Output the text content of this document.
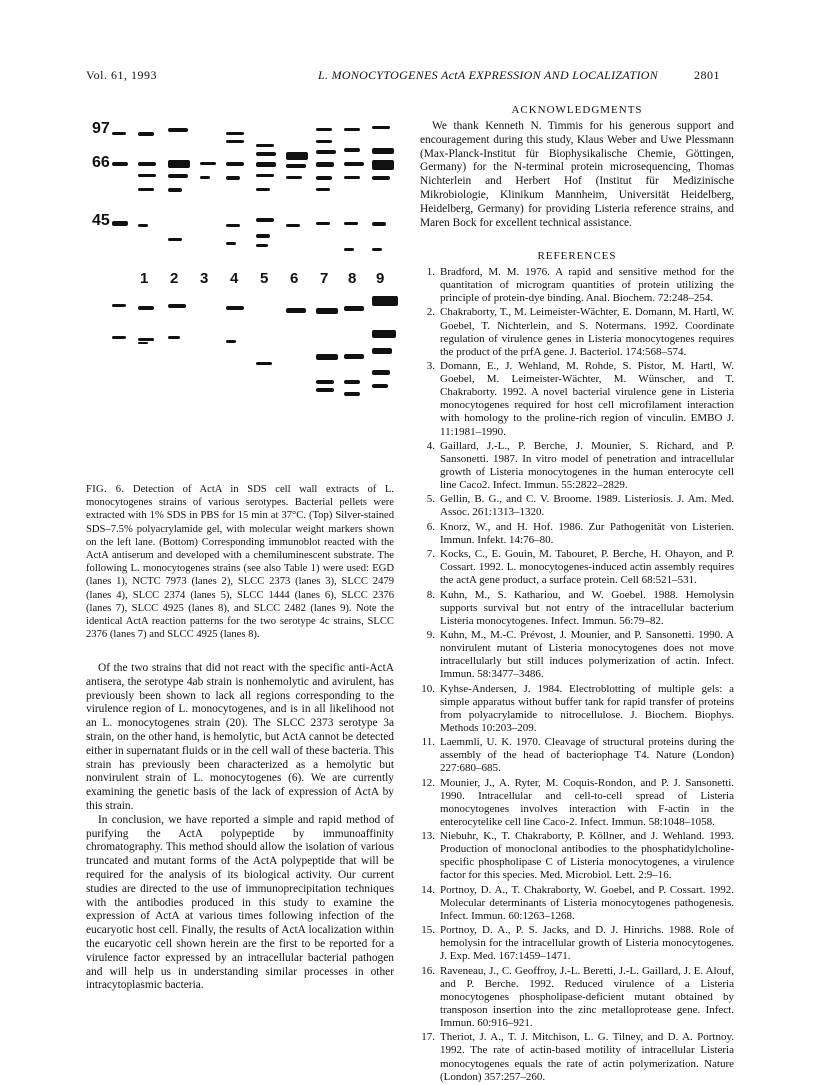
Vol. 61, 1993	L. MONOCYTOGENES ActA EXPRESSION AND LOCALIZATION	2801
97
66
45
1 2 3 4 5 6 7 8 9
FIG. 6. Detection of ActA in SDS cell wall extracts of L. monocytogenes strains of various serotypes. Bacterial pellets were extracted with 1% SDS in PBS for 15 min at 37°C. (Top) Silver-stained SDS–7.5% polyacrylamide gel, with molecular weight markers shown on the left lane. (Bottom) Corresponding immunoblot reacted with the ActA antiserum and developed with a chemiluminescent substrate. The following L. monocytogenes strains (see also Table 1) were used: EGD (lanes 1), NCTC 7973 (lanes 2), SLCC 2373 (lanes 3), SLCC 2479 (lanes 4), SLCC 2374 (lanes 5), SLCC 1444 (lanes 6), SLCC 2376 (lanes 7), SLCC 4925 (lanes 8), and SLCC 2482 (lanes 9). Note the identical ActA reaction patterns for the two serotype 4c strains, SLCC 2376 (lanes 7) and SLCC 4925 (lanes 8).

Of the two strains that did not react with the specific anti-ActA antisera, the serotype 4ab strain is nonhemolytic and avirulent, has previously been shown to lack all regions corresponding to the virulence region of L. monocytogenes, and is in all likelihood not an L. monocytogenes strain (20). The SLCC 2373 serotype 3a strain, on the other hand, is hemolytic, but ActA cannot be detected either in supernatant fluids or in the cell wall of these bacteria. This strain has previously been characterized as a hemolytic but nonvirulent strain of L. monocytogenes (6). We are currently examining the genetic basis of the lack of expression of ActA by this strain.

In conclusion, we have reported a simple and rapid method of purifying the ActA polypeptide by immunoaffinity chromatography. This method should allow the isolation of various truncated and mutant forms of the ActA polypeptide that will be required for the analysis of its biological activity. Our current studies are directed to the use of immunoprecipitation techniques with the antibodies produced in this study to examine the expression of ActA at various times following infection of the eucaryotic host cell. Finally, the results of ActA localization within the eucaryotic cell shown herein are the first to be reported for a virulence factor expressed by an intracellular bacterial pathogen and will help us in understanding similar processes in other intracytoplasmic bacteria.

ACKNOWLEDGMENTS

We thank Kenneth N. Timmis for his generous support and encouragement during this study, Klaus Weber and Uwe Plessmann (Max-Planck-Institut für Biophysikalische Chemie, Göttingen, Germany) for the N-terminal protein microsequencing, Thomas Nichterlein and Herbert Hof (Institut für Medizinische Mikrobiologie, Klinikum Mannheim, Universität Heidelberg, Heidelberg, Germany) for providing Listeria reference strains, and Maren Bock for excellent technical assistance.

REFERENCES

1. Bradford, M. M. 1976. A rapid and sensitive method for the quantitation of microgram quantities of protein utilizing the principle of protein-dye binding. Anal. Biochem. 72:248–254.
2. Chakraborty, T., M. Leimeister-Wächter, E. Domann, M. Hartl, W. Goebel, T. Nichterlein, and S. Notermans. 1992. Coordinate regulation of virulence genes in Listeria monocytogenes requires the product of the prfA gene. J. Bacteriol. 174:568–574.
3. Domann, E., J. Wehland, M. Rohde, S. Pistor, M. Hartl, W. Goebel, M. Leimeister-Wächter, M. Wünscher, and T. Chakraborty. 1992. A novel bacterial virulence gene in Listeria monocytogenes required for host cell microfilament interaction with homology to the proline-rich region of vinculin. EMBO J. 11:1981–1990.
4. Gaillard, J.-L., P. Berche, J. Mounier, S. Richard, and P. Sansonetti. 1987. In vitro model of penetration and intracellular growth of Listeria monocytogenes in the human enterocyte cell line Caco2. Infect. Immun. 55:2822–2829.
5. Gellin, B. G., and C. V. Broome. 1989. Listeriosis. J. Am. Med. Assoc. 261:1313–1320.
6. Knorz, W., and H. Hof. 1986. Zur Pathogenität von Listerien. Immun. Infekt. 14:76–80.
7. Kocks, C., E. Gouin, M. Tabouret, P. Berche, H. Ohayon, and P. Cossart. 1992. L. monocytogenes-induced actin assembly requires the actA gene product, a surface protein. Cell 68:521–531.
8. Kuhn, M., S. Kathariou, and W. Goebel. 1988. Hemolysin supports survival but not entry of the intracellular bacterium Listeria monocytogenes. Infect. Immun. 56:79–82.
9. Kuhn, M., M.-C. Prévost, J. Mounier, and P. Sansonetti. 1990. A nonvirulent mutant of Listeria monocytogenes does not move intracellularly but still induces polymerization of actin. Infect. Immun. 58:3477–3486.
10. Kyhse-Andersen, J. 1984. Electroblotting of multiple gels: a simple apparatus without buffer tank for rapid transfer of proteins from polyacrylamide to nitrocellulose. J. Biochem. Biophys. Methods 10:203–209.
11. Laemmli, U. K. 1970. Cleavage of structural proteins during the assembly of the head of bacteriophage T4. Nature (London) 227:680–685.
12. Mounier, J., A. Ryter, M. Coquis-Rondon, and P. J. Sansonetti. 1990. Intracellular and cell-to-cell spread of Listeria monocytogenes involves interaction with F-actin in the enterocytelike cell line Caco-2. Infect. Immun. 58:1048–1058.
13. Niebuhr, K., T. Chakraborty, P. Köllner, and J. Wehland. 1993. Production of monoclonal antibodies to the phosphatidylcholine-specific phospholipase C of Listeria monocytogenes, a virulence factor for this species. Med. Microbiol. Lett. 2:9–16.
14. Portnoy, D. A., T. Chakraborty, W. Goebel, and P. Cossart. 1992. Molecular determinants of Listeria monocytogenes pathogenesis. Infect. Immun. 60:1263–1268.
15. Portnoy, D. A., P. S. Jacks, and D. J. Hinrichs. 1988. Role of hemolysin for the intracellular growth of Listeria monocytogenes. J. Exp. Med. 167:1459–1471.
16. Raveneau, J., C. Geoffroy, J.-L. Beretti, J.-L. Gaillard, J. E. Alouf, and P. Berche. 1992. Reduced virulence of a Listeria monocytogenes phospholipase-deficient mutant obtained by transposon insertion into the zinc metalloprotease gene. Infect. Immun. 60:916–921.
17. Theriot, J. A., T. J. Mitchison, L. G. Tilney, and D. A. Portnoy. 1992. The rate of actin-based motility of intracellular Listeria monocytogenes equals the rate of actin polymerization. Nature (London) 357:257–260.
